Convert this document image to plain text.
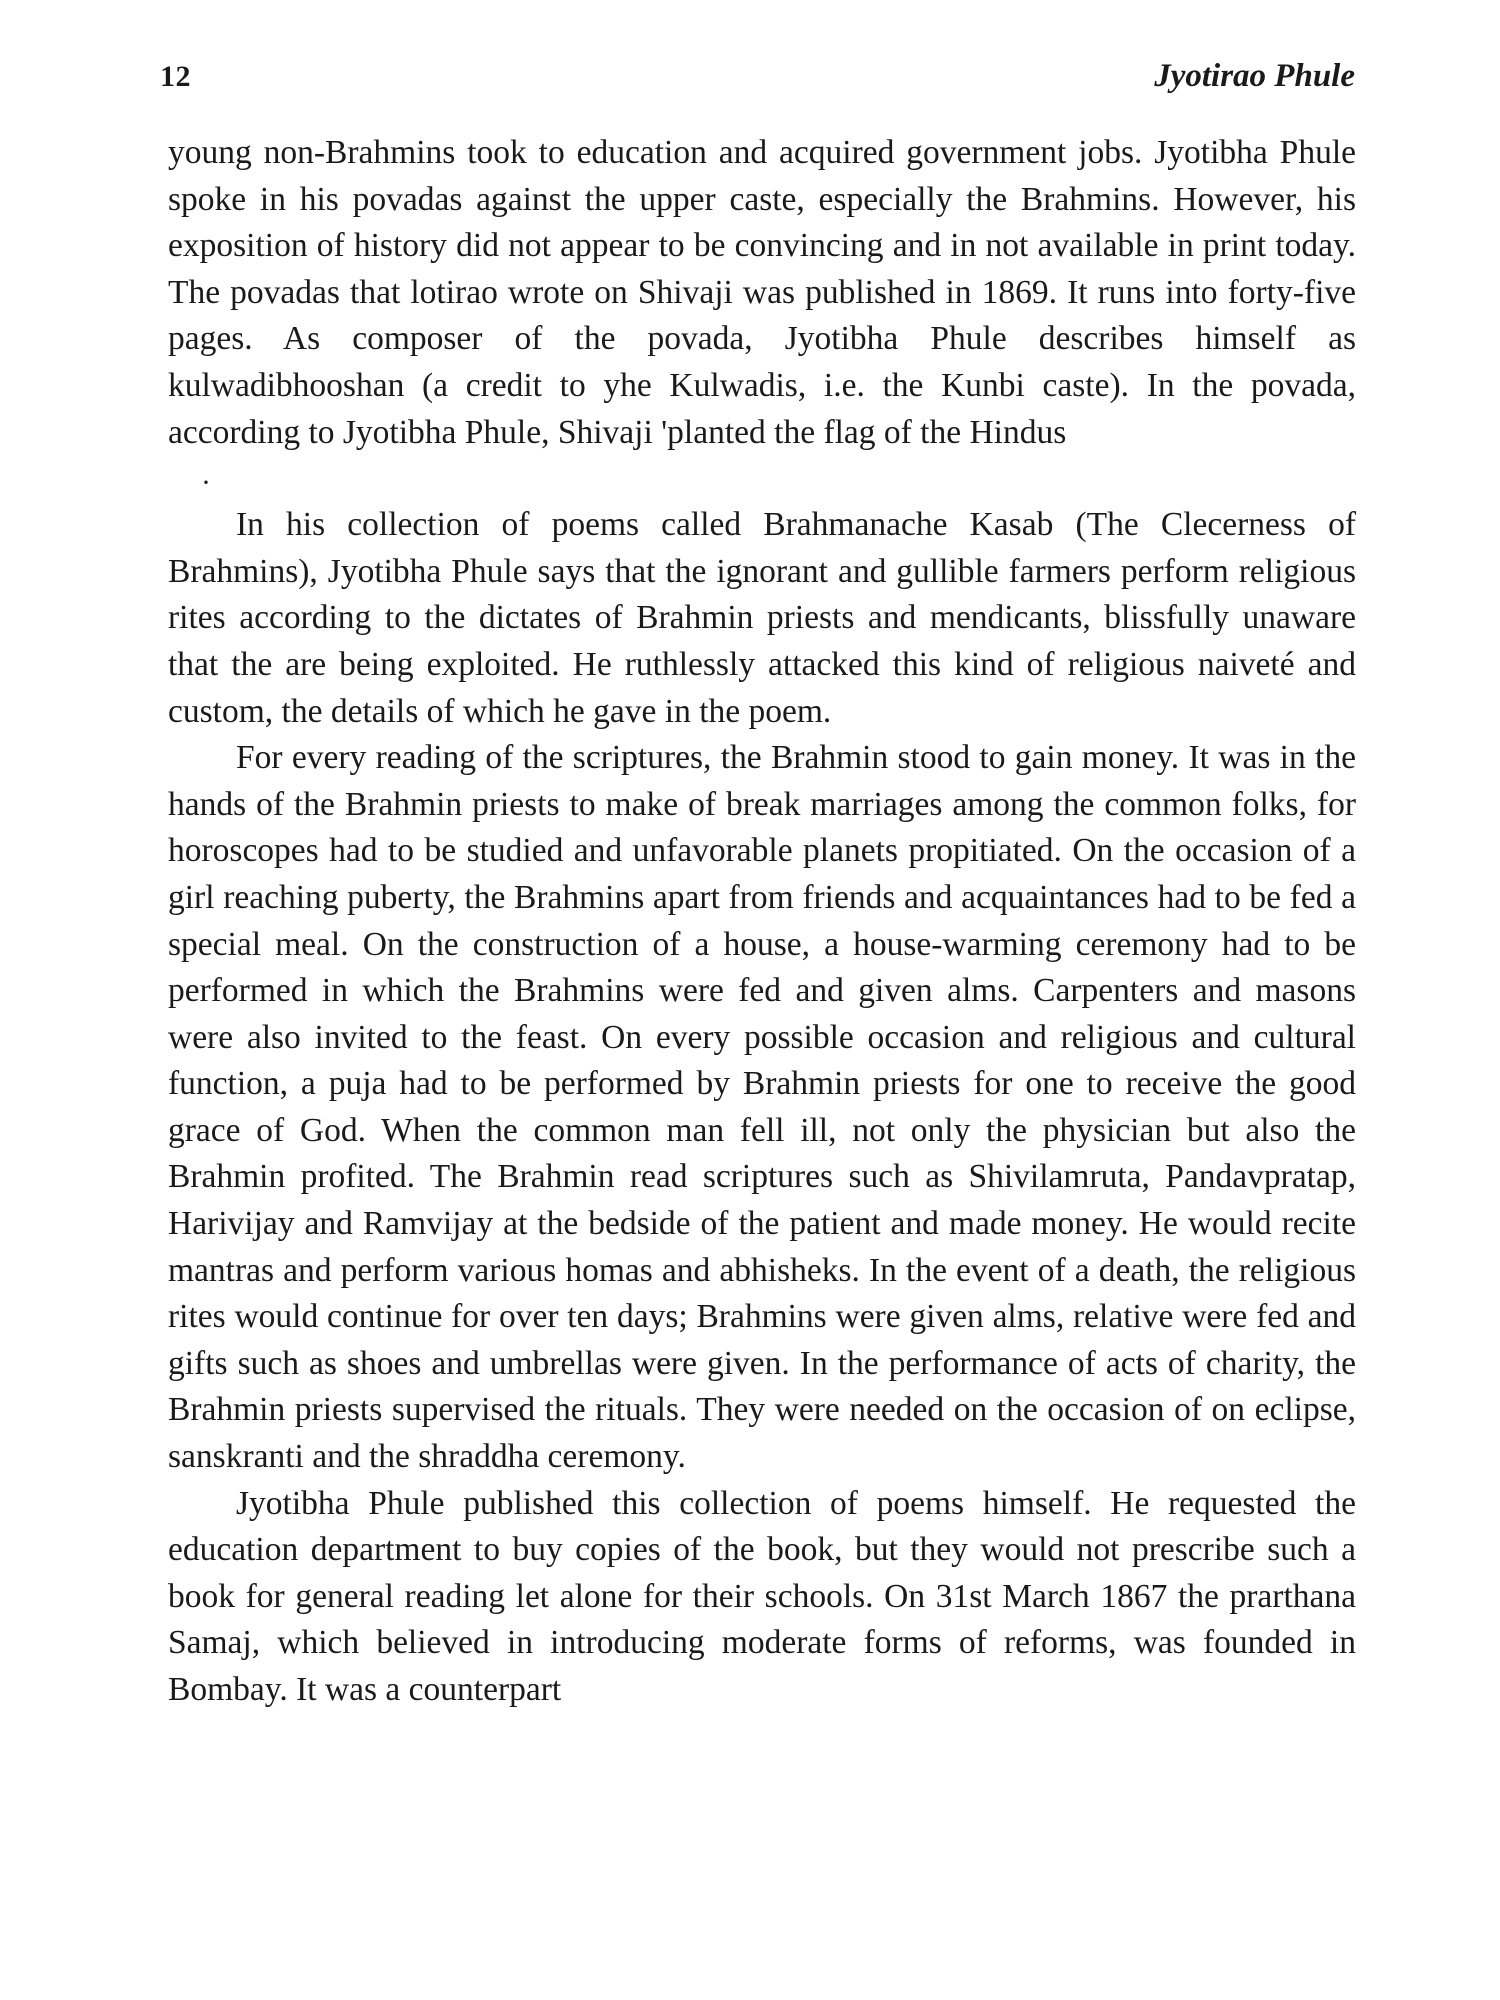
12	Jyotirao Phule

young non-Brahmins took to education and acquired government jobs. Jyotibha Phule spoke in his povadas against the upper caste, especially the Brahmins. However, his exposition of history did not appear to be convincing and in not available in print today. The povadas that lotirao wrote on Shivaji was published in 1869. It runs into forty-five pages. As composer of the povada, Jyotibha Phule describes himself as kulwadibhooshan (a credit to yhe Kulwadis, i.e. the Kunbi caste). In the povada, according to Jyotibha Phule, Shivaji 'planted the flag of the Hindus

·

In his collection of poems called Brahmanache Kasab (The Clecerness of Brahmins), Jyotibha Phule says that the ignorant and gullible farmers perform religious rites according to the dictates of Brahmin priests and mendicants, blissfully unaware that the are being exploited. He ruthlessly attacked this kind of religious naiveté and custom, the details of which he gave in the poem.

For every reading of the scriptures, the Brahmin stood to gain money. It was in the hands of the Brahmin priests to make of break marriages among the common folks, for horoscopes had to be studied and unfavorable planets propitiated. On the occasion of a girl reaching puberty, the Brahmins apart from friends and acquaintances had to be fed a special meal. On the construction of a house, a house-warming ceremony had to be performed in which the Brahmins were fed and given alms. Carpenters and masons were also invited to the feast. On every possible occasion and religious and cultural function, a puja had to be performed by Brahmin priests for one to receive the good grace of God. When the common man fell ill, not only the physician but also the Brahmin profited. The Brahmin read scriptures such as Shivilamruta, Pandavpratap, Harivijay and Ramvijay at the bedside of the patient and made money. He would recite mantras and perform various homas and abhisheks. In the event of a death, the religious rites would continue for over ten days; Brahmins were given alms, relative were fed and gifts such as shoes and umbrellas were given. In the performance of acts of charity, the Brahmin priests supervised the rituals. They were needed on the occasion of on eclipse, sanskranti and the shraddha ceremony.

Jyotibha Phule published this collection of poems himself. He requested the education department to buy copies of the book, but they would not prescribe such a book for general reading let alone for their schools. On 31st March 1867 the prarthana Samaj, which believed in introducing moderate forms of reforms, was founded in Bombay. It was a counterpart
